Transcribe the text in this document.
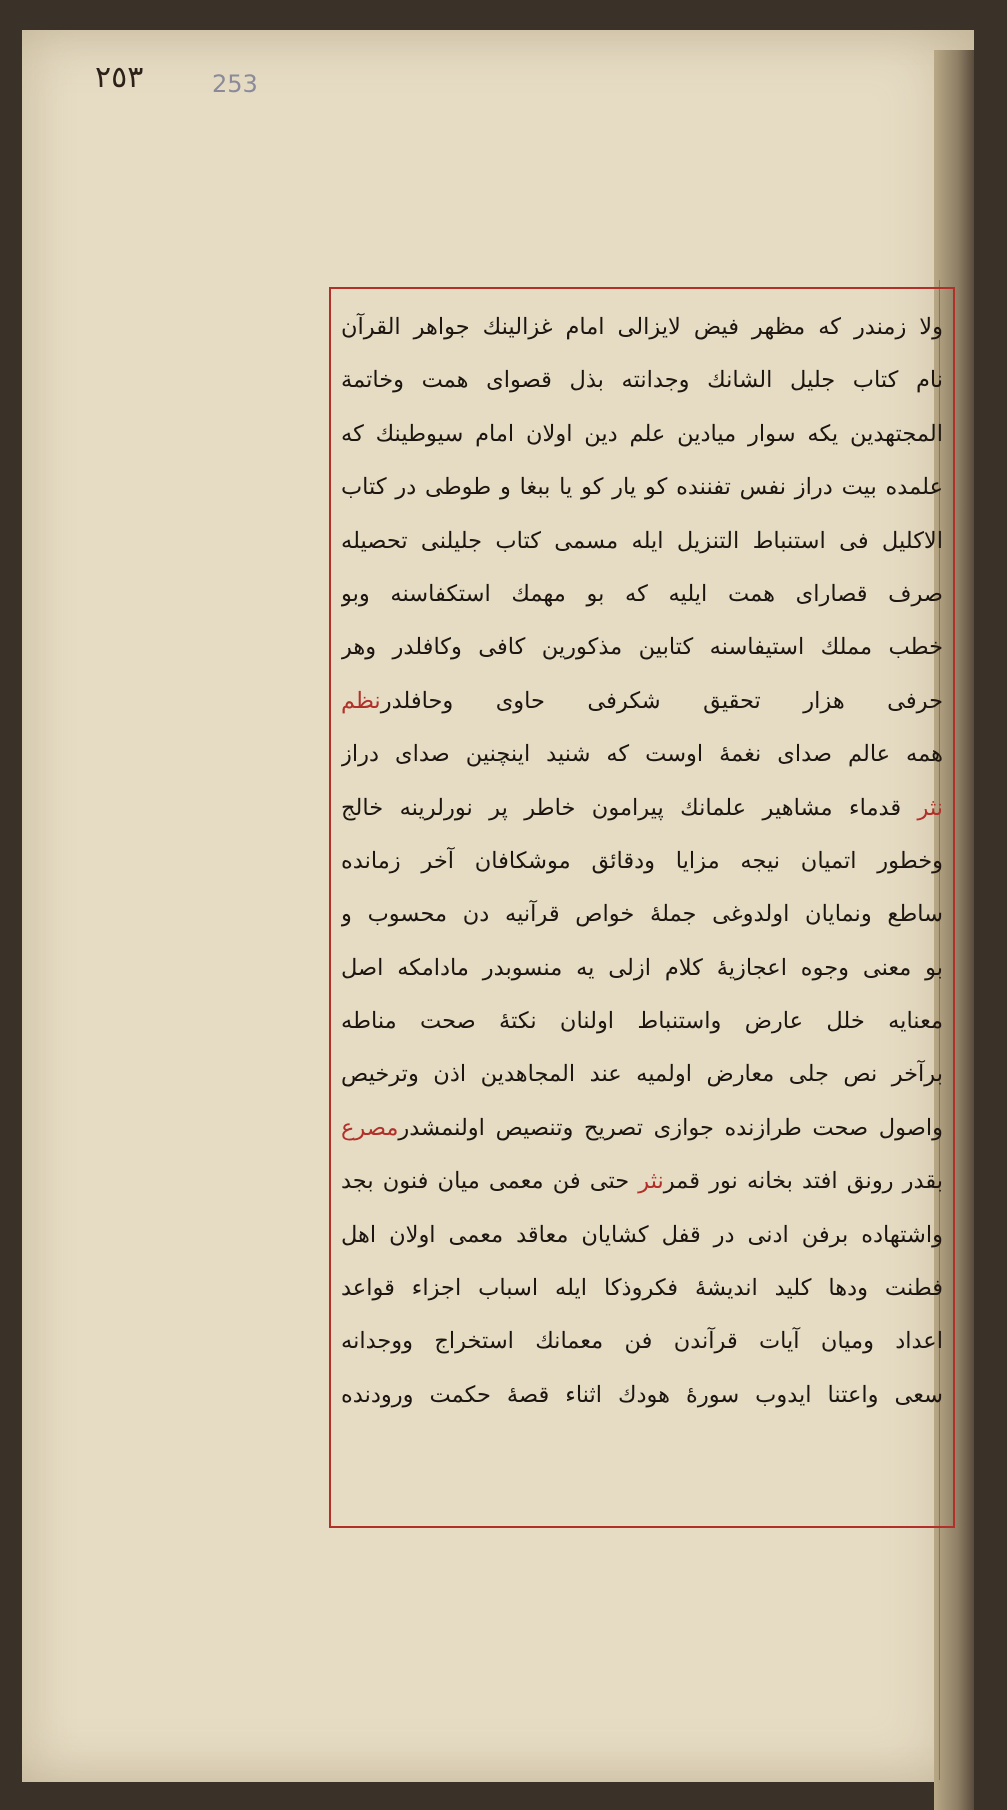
٢٥٣	253
ولا زمندر که مظهر فیض لایزالی امام غزالینك جواهر القرآن
نام کتاب جلیل الشانك وجدانته بذل قصوای همت وخاتمة
المجتهدین یکه سوار میادین علم دین اولان امام سیوطینك که
علمده بیت دراز نفس تفننده کو یار کو یا ببغا و طوطی در کتاب
الاکلیل فی استنباط التنزیل ایله مسمی کتاب جلیلنی تحصیله
صرف قصارای همت ایلیه که بو مهمك استکفاسنه وبو
خطب مملك استیفاسنه کتابین مذکورین کافی وکافلدر وهر
حرفی هزار تحقیق شکرفی حاوی وحافلدرنظم
همه عالم صدای نغمهٔ اوست که شنید اینچنین صدای دراز
نثر قدماء مشاهیر علمانك پیرامون خاطر پر نورلرینه خالج
وخطور اتمیان نیجه مزایا ودقائق موشکافان آخر زمانده
ساطع ونمایان اولدوغی جملهٔ خواص قرآنیه دن محسوب و
بو معنی وجوه اعجازیهٔ کلام ازلی یه منسوبدر مادامکه اصل
معنایه خلل عارض واستنباط اولنان نکتهٔ صحت مناطه
برآخر نص جلی معارض اولمیه عند المجاهدین اذن وترخیص
واصول صحت طرازنده جوازی تصریح وتنصیص اولنمشدرمصرع
بقدر رونق افتد بخانه نور قمرنثر حتی فن معمی میان فنون بجد
واشتهاده برفن ادنی در قفل کشایان معاقد معمی اولان اهل
فطنت ودها کلید اندیشهٔ فکروذکا ایله اسباب اجزاء قواعد
اعداد ومیان آیات قرآندن فن معمانك استخراج ووجدانه
سعی واعتنا ایدوب سورهٔ هودك اثناء قصهٔ حکمت ورودنده
